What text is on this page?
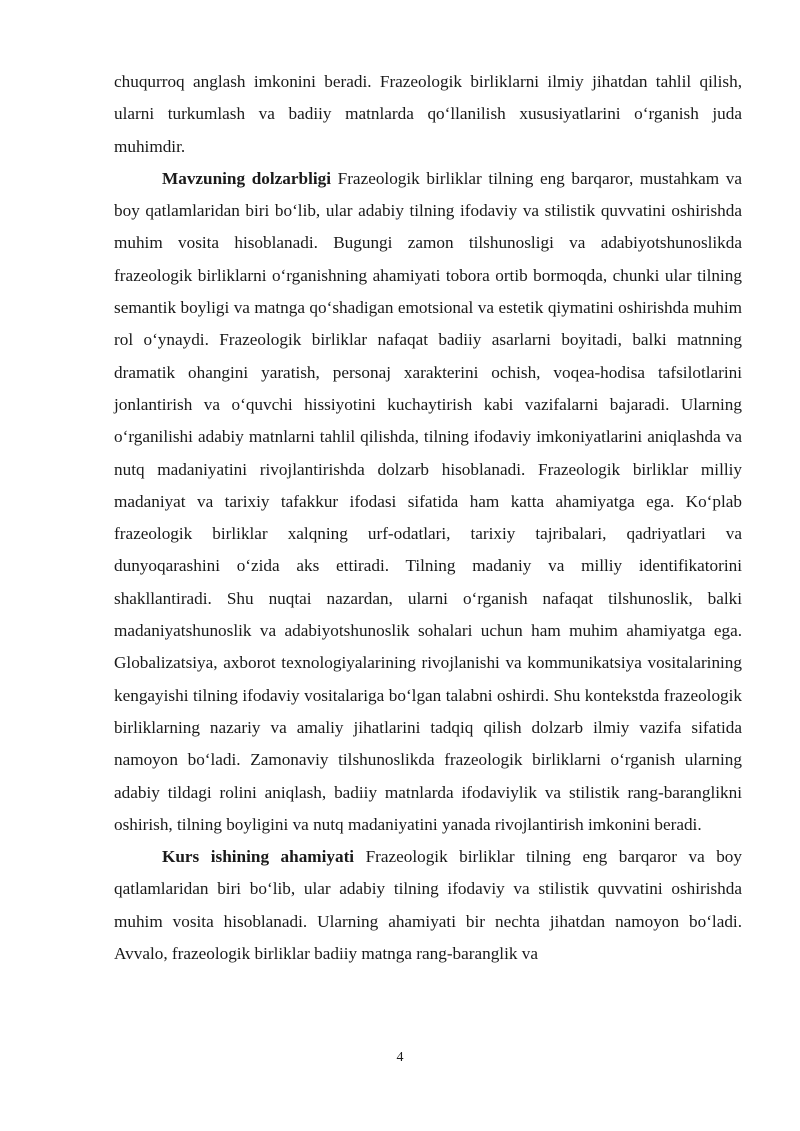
chuqurroq anglash imkonini beradi. Frazeologik birliklarni ilmiy jihatdan tahlil qilish, ularni turkumlash va badiiy matnlarda qo‘llanilish xususiyatlarini o‘rganish juda muhimdir.

Mavzuning dolzarbligi Frazeologik birliklar tilning eng barqaror, mustahkam va boy qatlamlaridan biri bo‘lib, ular adabiy tilning ifodaviy va stilistik quvvatini oshirishda muhim vosita hisoblanadi. Bugungi zamon tilshunosligi va adabiyotshunoslikda frazeologik birliklarni o‘rganishning ahamiyati tobora ortib bormoqda, chunki ular tilning semantik boyligi va matnga qo‘shadigan emotsional va estetik qiymatini oshirishda muhim rol o‘ynaydi. Frazeologik birliklar nafaqat badiiy asarlarni boyitadi, balki matnning dramatik ohangini yaratish, personaj xarakterini ochish, voqea-hodisa tafsilotlarini jonlantirish va o‘quvchi hissiyotini kuchaytirish kabi vazifalarni bajaradi. Ularning o‘rganilishi adabiy matnlarni tahlil qilishda, tilning ifodaviy imkoniyatlarini aniqlashda va nutq madaniyatini rivojlantirishda dolzarb hisoblanadi. Frazeologik birliklar milliy madaniyat va tarixiy tafakkur ifodasi sifatida ham katta ahamiyatga ega. Ko‘plab frazeologik birliklar xalqning urf-odatlari, tarixiy tajribalari, qadriyatlari va dunyoqarashini o‘zida aks ettiradi. Tilning madaniy va milliy identifikatorini shakllantiradi. Shu nuqtai nazardan, ularni o‘rganish nafaqat tilshunoslik, balki madaniyatshunoslik va adabiyotshunoslik sohalari uchun ham muhim ahamiyatga ega. Globalizatsiya, axborot texnologiyalarining rivojlanishi va kommunikatsiya vositalarining kengayishi tilning ifodaviy vositalariga bo‘lgan talabni oshirdi. Shu kontekstda frazeologik birliklarning nazariy va amaliy jihatlarini tadqiq qilish dolzarb ilmiy vazifa sifatida namoyon bo‘ladi. Zamonaviy tilshunoslikda frazeologik birliklarni o‘rganish ularning adabiy tildagi rolini aniqlash, badiiy matnlarda ifodaviylik va stilistik rang-baranglikni oshirish, tilning boyligini va nutq madaniyatini yanada rivojlantirish imkonini beradi.

Kurs ishining ahamiyati Frazeologik birliklar tilning eng barqaror va boy qatlamlaridan biri bo‘lib, ular adabiy tilning ifodaviy va stilistik quvvatini oshirishda muhim vosita hisoblanadi. Ularning ahamiyati bir nechta jihatdan namoyon bo‘ladi. Avvalo, frazeologik birliklar badiiy matnga rang-baranglik va

4
